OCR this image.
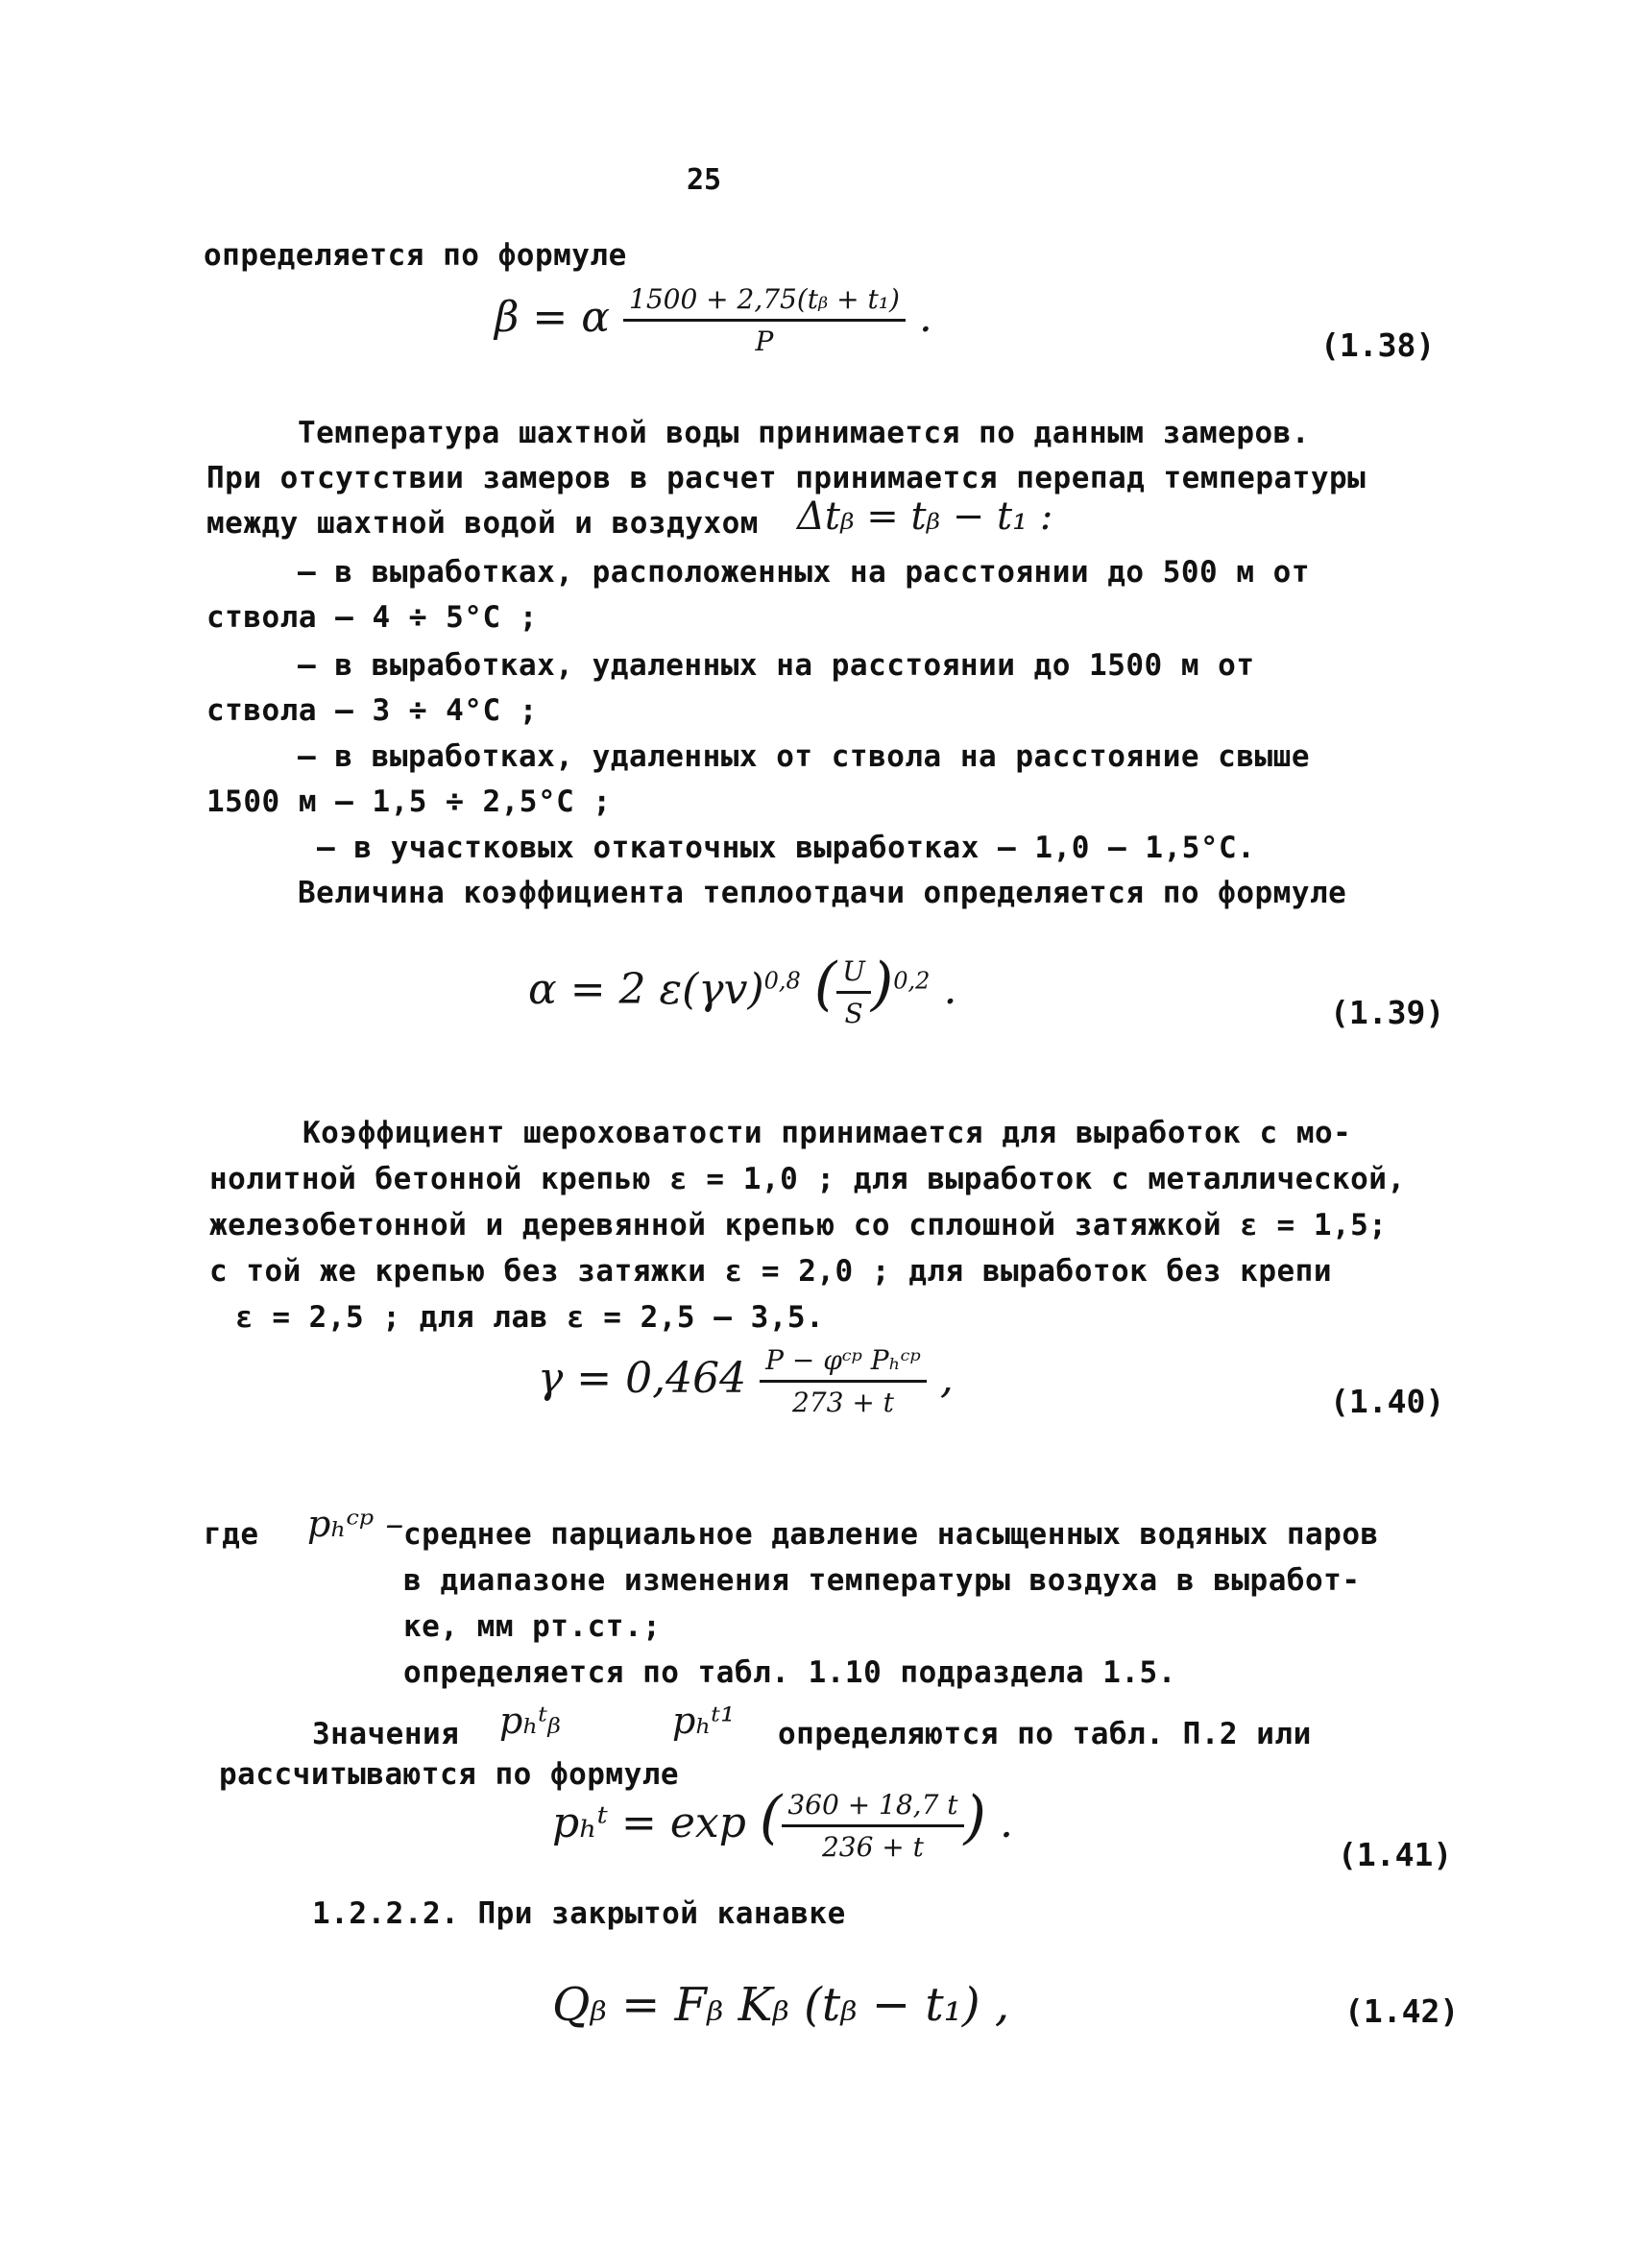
25
определяется по формуле
β = α $\frac{\text{1500 + 2,75(tᵦ + t₁)}}{P}$ .
(1.38)
Температура шахтной воды принимается по данным замеров.
При отсутствии замеров в расчет принимается перепад температуры
между шахтной водой и воздухом Δtᵦ = tᵦ − t₁ :
– в выработках, расположенных на расстоянии до 500 м от
ствола – 4 ÷ 5°C ;
– в выработках, удаленных на расстоянии до 1500 м от
ствола – 3 ÷ 4°C ;
– в выработках, удаленных от ствола на расстояние свыше
1500 м – 1,5 ÷ 2,5°C ;
– в участковых откаточных выработках – 1,0 – 1,5°C.
Величина коэффициента теплоотдачи определяется по формуле
α = 2 $\varepsilon(\gamma v)^{0,8}$ ( $\frac{U}{S} )^{0,2}$ .	(1.39)
Коэффициент шероховатости принимается для выработок с мо-
нолитной бетонной крепью ε = 1,0 ; для выработок с металлической,
железобетонной и деревянной крепью со сплошной затяжкой ε = 1,5;
с той же крепью без затяжки ε = 2,0 ; для выработок без крепи
ε = 2,5 ; для лав ε = 2,5 – 3,5.
$\gamma = 0,464 \frac{\text{P − φᶜᵖ Pₕᶜᵖ}}{273 + t}$ ,	(1.40)
где pₕᶜᵖ – среднее парциальное давление насыщенных водяных паров
в диапазоне изменения температуры воздуха в выработ-
ке, мм рт.ст.;
определяется по табл. 1.10 подраздела 1.5.
Значения pₕᵗᵦ	pₕᵗ¹ определяются по табл. П.2 или
рассчитываются по формуле
pₕᵗ = exp ( $\frac{360 + 18,7 t}{236 + t}$ ) .
(1.41)
1.2.2.2. При закрытой канавке
Qᵦ = Fᵦ Kᵦ (tᵦ − t₁) ,	(1.42)
